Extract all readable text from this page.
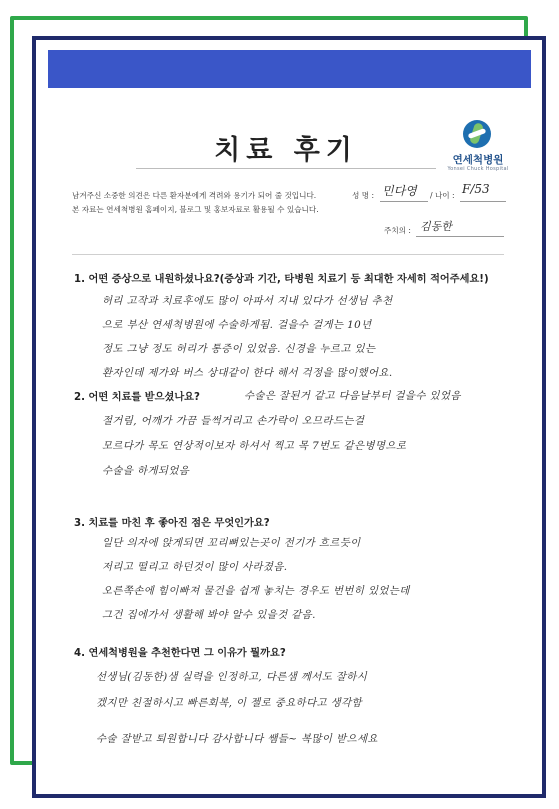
치료 후기	연세척병원
Yonsei Chuck Hospital
남겨주신 소중한 의견은 다른 환자분에게 격려와 용기가 되어 줄 것입니다.
본 자료는 연세척병원 홈페이지, 블로그 및 홍보자료로 활용될 수 있습니다.
성 명 : 민다영 / 나이 : F/53
주치의 : 김동한
1. 어떤 증상으로 내원하셨나요?(증상과 기간, 타병원 치료기 등 최대한 자세히 적어주세요!)
허리 고작과 치료후에도 많이 아파서 지내 있다가 선생님 추천
으로 부산 연세척병원에 수술하게됨. 걸을수 걸게는 10년
정도 그냥 정도 허리가 통증이 있었음. 신경을 누르고 있는
환자인데 제가와 버스 상대같이 한다 해서 걱정을 많이했어요.
2. 어떤 치료를 받으셨나요?	수술은 잘된거 같고 다음날부터 걸을수 있었음
절거림, 어깨가 가끔 들썩거리고 손가락이 오므라드는걸
모르다가 목도 연상적이보자 하셔서 찍고 목 7번도 같은병명으로
수술을 하게되었음
3. 치료를 마친 후 좋아진 점은 무엇인가요?
일단 의자에 앉게되면 꼬리뼈있는곳이 전기가 흐르듯이
저리고 떨리고 하던것이 많이 사라졌음.
오른쪽손에 힘이빠져 물건을 쉽게 놓치는 경우도 번번히 있었는데
그건 집에가서 생활해 봐야 알수 있을것 같음.
4. 연세척병원을 추천한다면 그 이유가 뭘까요?
선생님(김동한)샘 실력을 인정하고, 다른샘 께서도 잘하시
겠지만 친절하시고 빠른회복, 이 젤로 중요하다고 생각함
수술 잘받고 퇴원합니다 감사합니다 쌤들~ 복많이 받으세요
